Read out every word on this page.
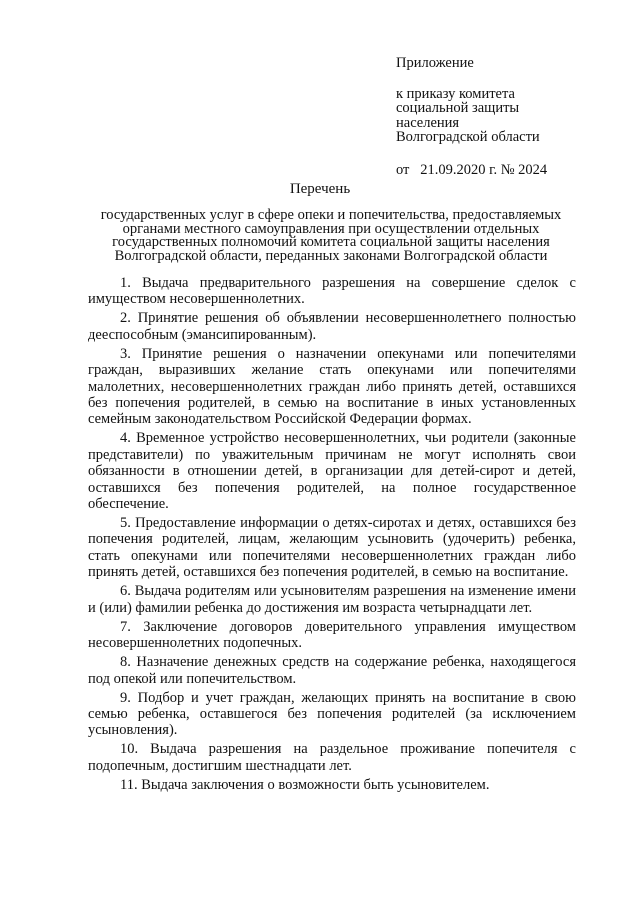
Приложение
к приказу комитета
социальной защиты
населения
Волгоградской области
от 21.09.2020 г. № 2024
Перечень
государственных услуг в сфере опеки и попечительства, предоставляемых
органами местного самоуправления при осуществлении отдельных
государственных полномочий комитета социальной защиты населения
Волгоградской области, переданных законами Волгоградской области

1. Выдача предварительного разрешения на совершение сделок с имуществом несовершеннолетних.

2. Принятие решения об объявлении несовершеннолетнего полностью дееспособным (эмансипированным).

3. Принятие решения о назначении опекунами или попечителями граждан, выразивших желание стать опекунами или попечителями малолетних, несовершеннолетних граждан либо принять детей, оставшихся без попечения родителей, в семью на воспитание в иных установленных семейным законодательством Российской Федерации формах.

4. Временное устройство несовершеннолетних, чьи родители (законные представители) по уважительным причинам не могут исполнять свои обязанности в отношении детей, в организации для детей-сирот и детей, оставшихся без попечения родителей, на полное государственное обеспечение.

5. Предоставление информации о детях-сиротах и детях, оставшихся без попечения родителей, лицам, желающим усыновить (удочерить) ребенка, стать опекунами или попечителями несовершеннолетних граждан либо принять детей, оставшихся без попечения родителей, в семью на воспитание.

6. Выдача родителям или усыновителям разрешения на изменение имени и (или) фамилии ребенка до достижения им возраста четырнадцати лет.

7. Заключение договоров доверительного управления имуществом несовершеннолетних подопечных.

8. Назначение денежных средств на содержание ребенка, находящегося под опекой или попечительством.

9. Подбор и учет граждан, желающих принять на воспитание в свою семью ребенка, оставшегося без попечения родителей (за исключением усыновления).

10. Выдача разрешения на раздельное проживание попечителя с подопечным, достигшим шестнадцати лет.

11. Выдача заключения о возможности быть усыновителем.
